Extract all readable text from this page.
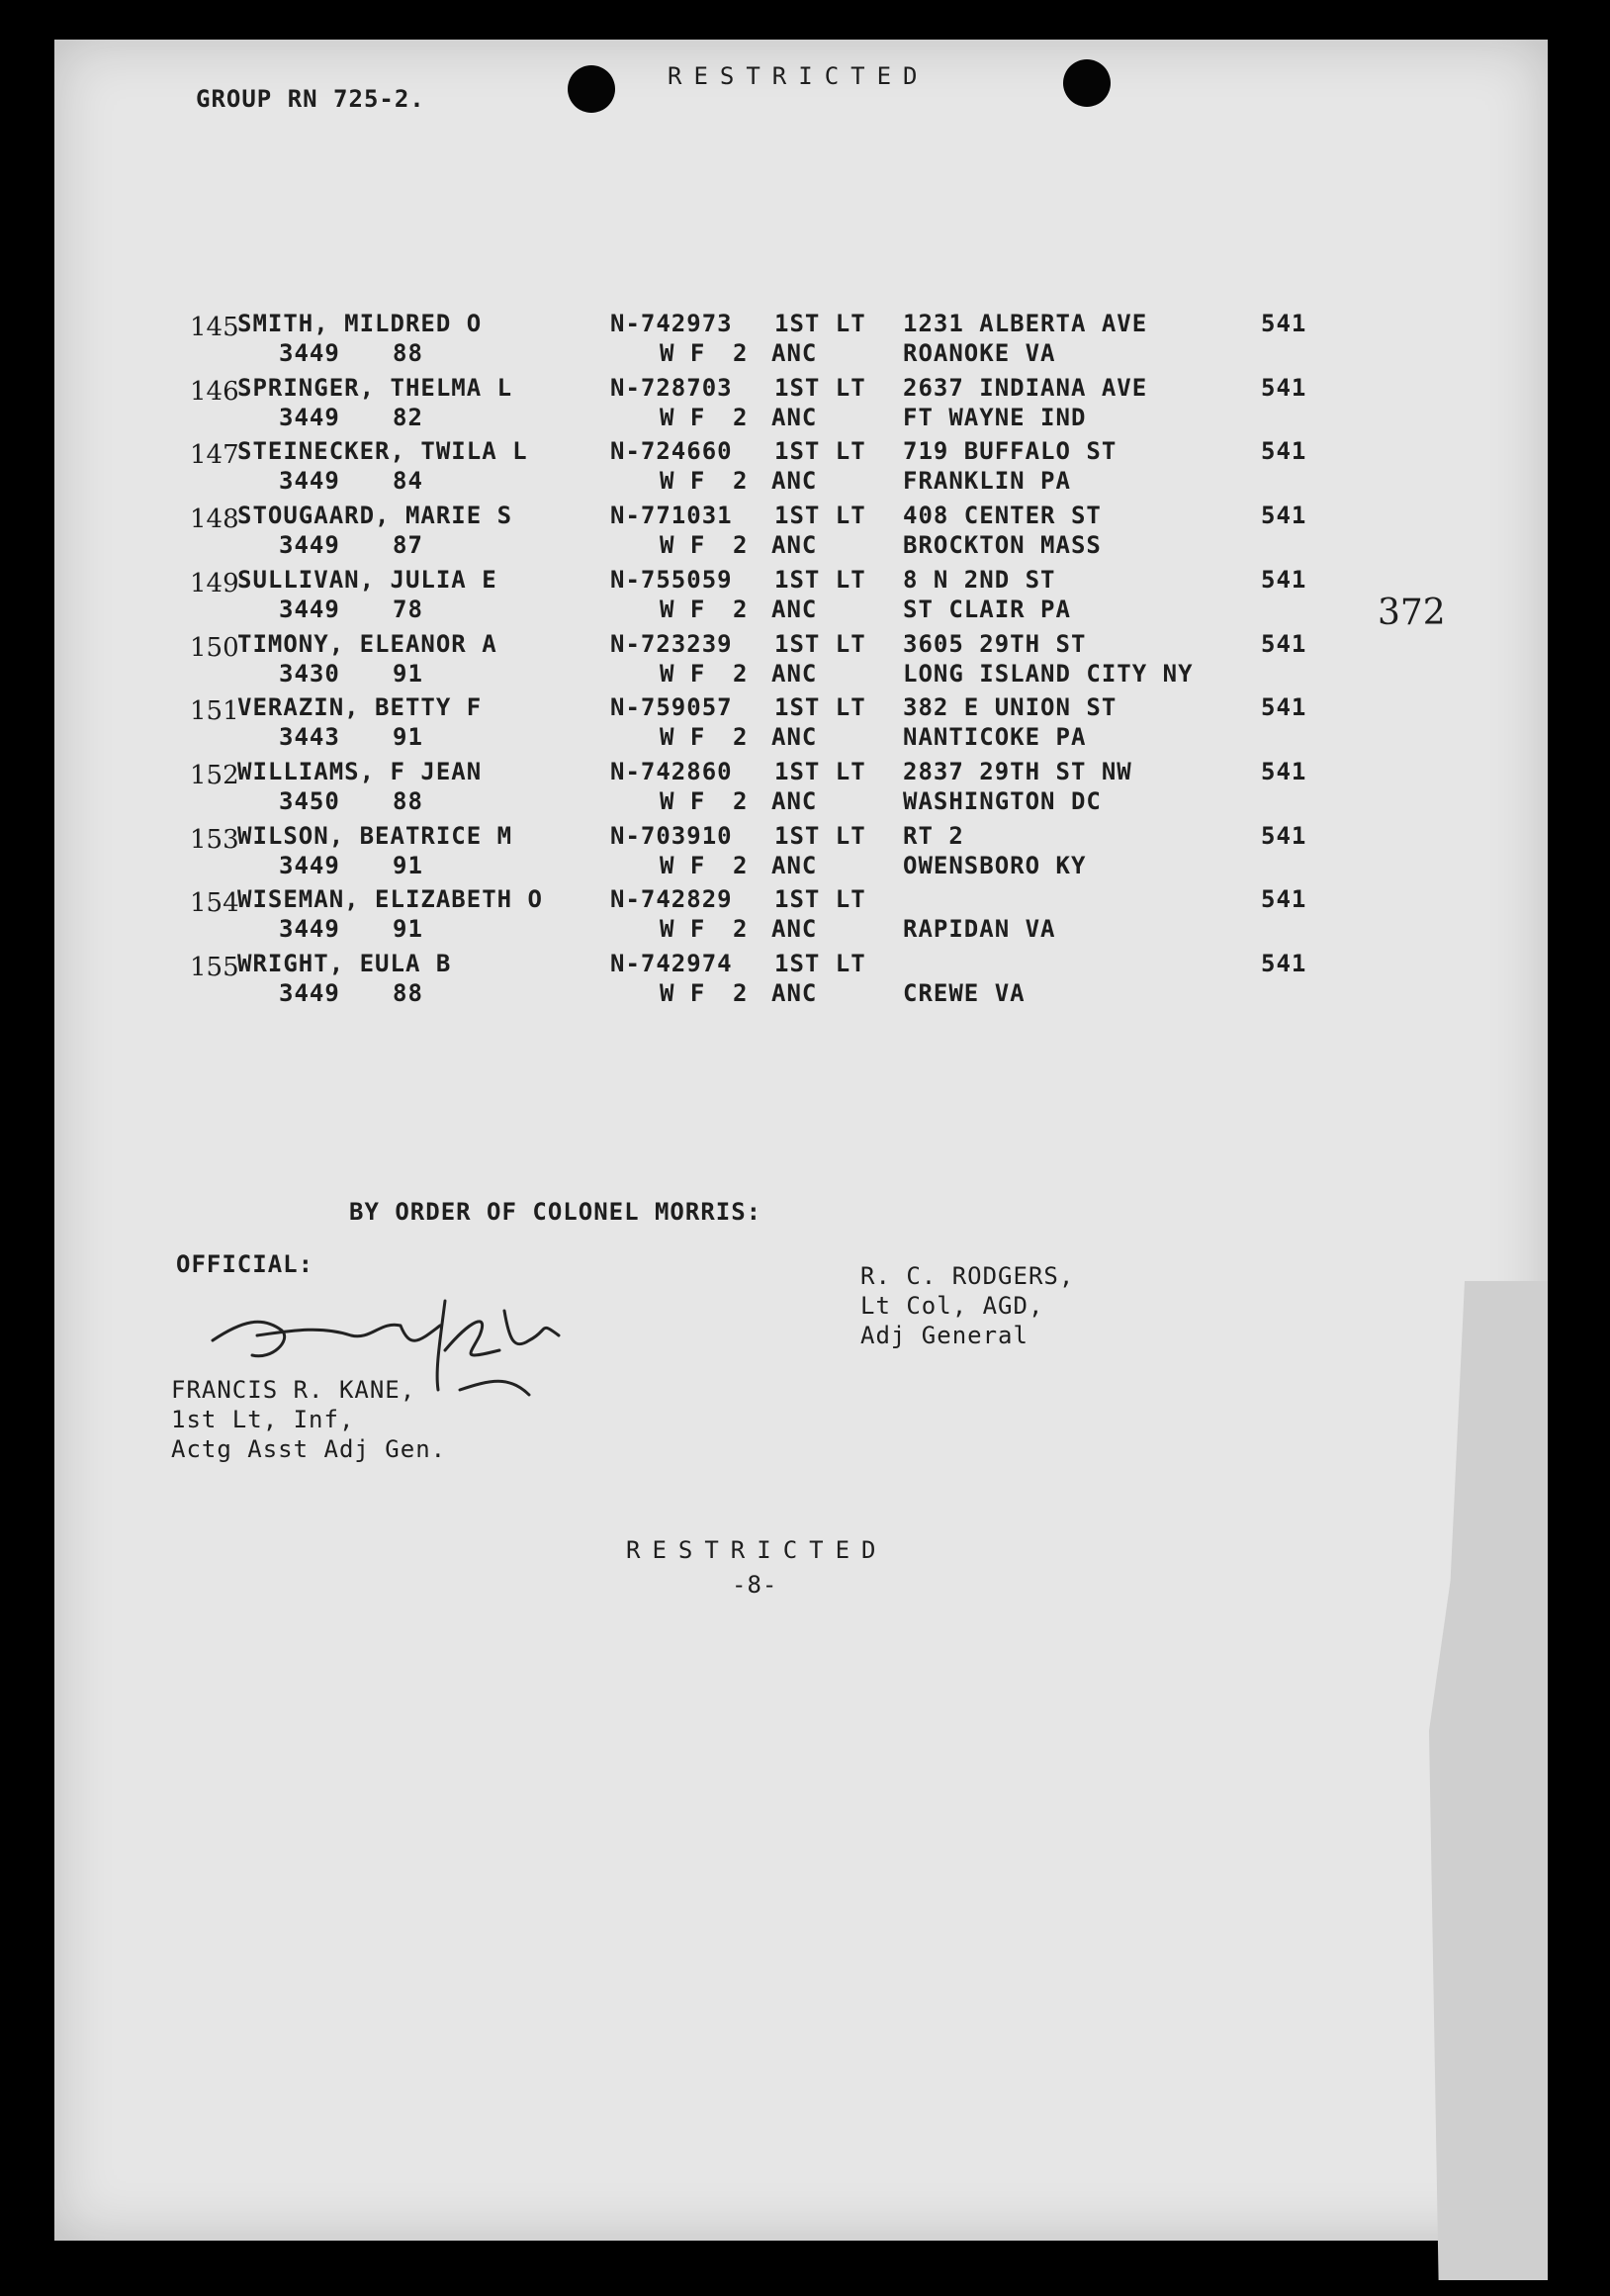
GROUP RN 725-2.
RESTRICTED
372
145
SMITH, MILDRED O	N-742973 1ST LT 1231 ALBERTA AVE	541
3449 88	W F 2 ANC	ROANOKE VA
146
SPRINGER, THELMA L	N-728703 1ST LT 2637 INDIANA AVE	541
3449 82	W F 2 ANC	FT WAYNE IND
147
STEINECKER, TWILA L	N-724660 1ST LT 719 BUFFALO ST	541
3449 84	W F 2 ANC	FRANKLIN PA
148
STOUGAARD, MARIE S	N-771031 1ST LT 408 CENTER ST	541
3449 87	W F 2 ANC	BROCKTON MASS
149
SULLIVAN, JULIA E	N-755059 1ST LT 8 N 2ND ST	541
3449 78	W F 2 ANC	ST CLAIR PA
150
TIMONY, ELEANOR A	N-723239 1ST LT 3605 29TH ST	541
3430 91	W F 2 ANC	LONG ISLAND CITY NY
151
VERAZIN, BETTY F	N-759057 1ST LT 382 E UNION ST	541
3443 91	W F 2 ANC	NANTICOKE PA
152
WILLIAMS, F JEAN	N-742860 1ST LT 2837 29TH ST NW	541
3450 88	W F 2 ANC	WASHINGTON DC
153
WILSON, BEATRICE M	N-703910 1ST LT RT 2	541
3449 91	W F 2 ANC	OWENSBORO KY
154
WISEMAN, ELIZABETH O	N-742829 1ST LT	541
3449 91	W F 2 ANC	RAPIDAN VA
155
WRIGHT, EULA B	N-742974 1ST LT	541
3449 88	W F 2 ANC	CREWE VA
BY ORDER OF COLONEL MORRIS:
OFFICIAL:	R. C. RODGERS,
Lt Col, AGD,
Adj General
FRANCIS R. KANE,
1st Lt, Inf,
Actg Asst Adj Gen.
RESTRICTED
-8-
